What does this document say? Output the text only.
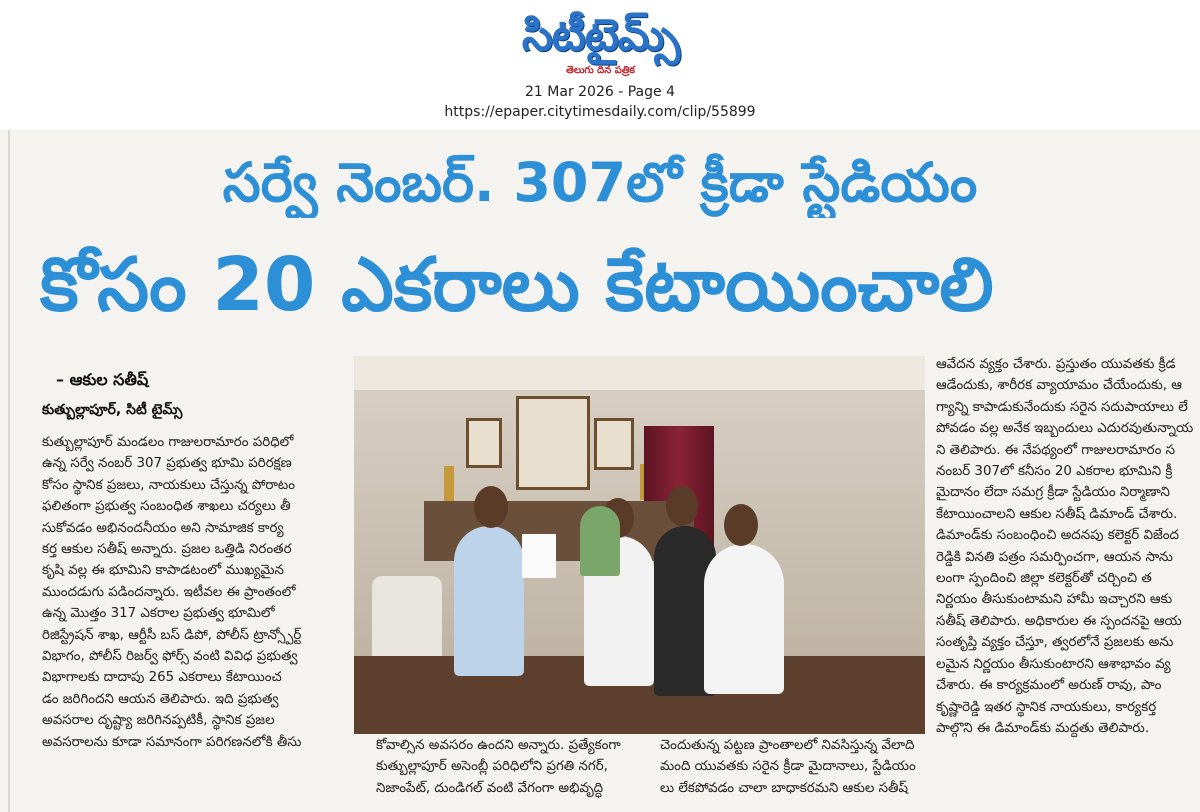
సిటీటైమ్స్
తెలుగు దిన పత్రిక
21 Mar 2026 - Page 4
https://epaper.citytimesdaily.com/clip/55899
సర్వే నెంబర్. 307లో క్రీడా స్టేడియం
కోసం 20 ఎకరాలు కేటాయించాలి
– ఆకుల సతీష్
కుత్బుల్లాపూర్, సిటీ టైమ్స్

కుత్బుల్లాపూర్ మండలం గాజులరామారం పరిధిలో

ఉన్న సర్వే నంబర్ 307 ప్రభుత్వ భూమి పరిరక్షణ

కోసం స్థానిక ప్రజలు, నాయకులు చేస్తున్న పోరాటం

ఫలితంగా ప్రభుత్వ సంబంధిత శాఖలు చర్యలు తీ

సుకోవడం అభినందనీయం అని సామాజిక కార్య

కర్త ఆకుల సతీష్ అన్నారు. ప్రజల ఒత్తిడి నిరంతర

కృషి వల్ల ఈ భూమిని కాపాడటంలో ముఖ్యమైన

ముందడుగు పడిందన్నారు. ఇటీవల ఈ ప్రాంతంలో

ఉన్న మొత్తం 317 ఎకరాల ప్రభుత్వ భూమిలో

రిజిస్ట్రేషన్ శాఖ, ఆర్టీసీ బస్ డిపో, పోలీస్ ట్రాన్స్పోర్ట్

విభాగం, పోలీస్ రిజర్వ్ ఫోర్స్ వంటి వివిధ ప్రభుత్వ

విభాగాలకు దాదాపు 265 ఎకరాలు కేటాయించ

డం జరిగిందని ఆయన తెలిపారు. ఇది ప్రభుత్వ

అవసరాల దృష్ట్యా జరిగినప్పటికీ, స్థానిక ప్రజల

అవసరాలను కూడా సమానంగా పరిగణనలోకి తీసు	కోవాల్సిన అవసరం ఉందని అన్నారు. ప్రత్యేకంగా

కుత్బుల్లాపూర్ అసెంబ్లీ పరిధిలోని ప్రగతి నగర్,

నిజాంపేట్, దుండిగల్ వంటి వేగంగా అభివృద్ధి

చెందుతున్న పట్టణ ప్రాంతాలలో నివసిస్తున్న వేలాది

మంది యువతకు సరైన క్రీడా మైదానాలు, స్టేడియం

లు లేకపోవడం చాలా బాధాకరమని ఆకుల సతీష్

ఆవేదన వ్యక్తం చేశారు. ప్రస్తుతం యువతకు క్రీడ

ఆడేందుకు, శారీరక వ్యాయామం చేయేందుకు, ఆ

గ్యాన్ని కాపాడుకునేందుకు సరైన సదుపాయాలు లే

పోవడం వల్ల అనేక ఇబ్బందులు ఎదురవుతున్నాయ

ని తెలిపారు. ఈ నేపథ్యంలో గాజులరామారం స

నంబర్ 307లో కనీసం 20 ఎకరాల భూమిని క్రీ

మైదానం లేదా సమగ్ర క్రీడా స్టేడియం నిర్మాణాని

కేటాయించాలని ఆకుల సతీష్ డిమాండ్ చేశారు.

డిమాండ్‌కు సంబంధించి అదనపు కలెక్టర్ విజేంద

రెడ్డికి వినతి పత్రం సమర్పించగా, ఆయన సాను

లంగా స్పందించి జిల్లా కలెక్టర్‌తో చర్చించి త

నిర్ణయం తీసుకుంటామని హామీ ఇచ్చారని ఆకు

సతీష్ తెలిపారు. అధికారుల ఈ స్పందనపై ఆయ

సంతృప్తి వ్యక్తం చేస్తూ, త్వరలోనే ప్రజలకు అను

లమైన నిర్ణయం తీసుకుంటారని ఆశాభావం వ్య

చేశారు. ఈ కార్యక్రమంలో అరుణ్ రావు, పాం

కృష్ణారెడ్డి ఇతర స్థానిక నాయకులు, కార్యకర్త

పాల్గొని ఈ డిమాండ్‌కు మద్దతు తెలిపారు.
